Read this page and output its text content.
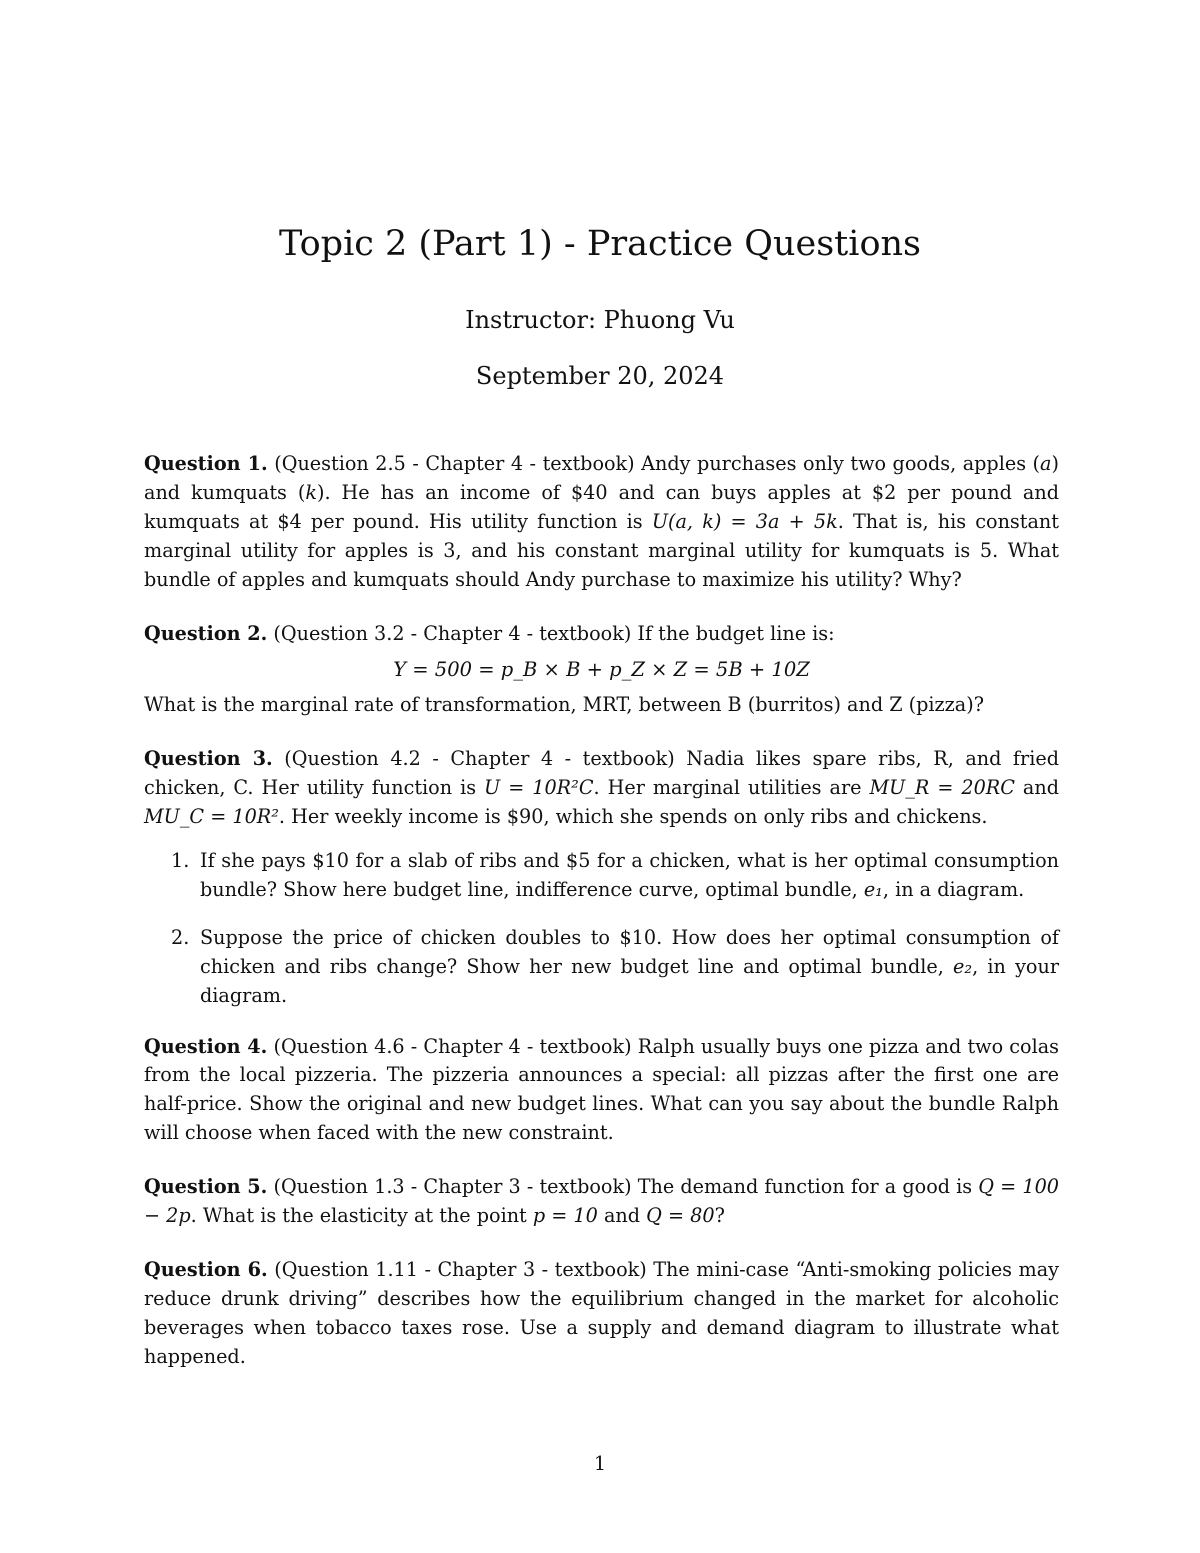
Topic 2 (Part 1) - Practice Questions
Instructor: Phuong Vu
September 20, 2024

Question 1. (Question 2.5 - Chapter 4 - textbook) Andy purchases only two goods, apples (a) and kumquats (k). He has an income of $40 and can buys apples at $2 per pound and kumquats at $4 per pound. His utility function is U(a, k) = 3a + 5k. That is, his constant marginal utility for apples is 3, and his constant marginal utility for kumquats is 5. What bundle of apples and kumquats should Andy purchase to maximize his utility? Why?

Question 2. (Question 3.2 - Chapter 4 - textbook) If the budget line is:

Y = 500 = p_B × B + p_Z × Z = 5B + 10Z

What is the marginal rate of transformation, MRT, between B (burritos) and Z (pizza)?

Question 3. (Question 4.2 - Chapter 4 - textbook) Nadia likes spare ribs, R, and fried chicken, C. Her utility function is U = 10R²C. Her marginal utilities are MU_R = 20RC and MU_C = 10R². Her weekly income is $90, which she spends on only ribs and chickens.

1. If she pays $10 for a slab of ribs and $5 for a chicken, what is her optimal consumption bundle? Show here budget line, indifference curve, optimal bundle, e₁, in a diagram.
2. Suppose the price of chicken doubles to $10. How does her optimal consumption of chicken and ribs change? Show her new budget line and optimal bundle, e₂, in your diagram.

Question 4. (Question 4.6 - Chapter 4 - textbook) Ralph usually buys one pizza and two colas from the local pizzeria. The pizzeria announces a special: all pizzas after the first one are half-price. Show the original and new budget lines. What can you say about the bundle Ralph will choose when faced with the new constraint.

Question 5. (Question 1.3 - Chapter 3 - textbook) The demand function for a good is Q = 100 − 2p. What is the elasticity at the point p = 10 and Q = 80?

Question 6. (Question 1.11 - Chapter 3 - textbook) The mini-case “Anti-smoking policies may reduce drunk driving” describes how the equilibrium changed in the market for alcoholic beverages when tobacco taxes rose. Use a supply and demand diagram to illustrate what happened.

1
